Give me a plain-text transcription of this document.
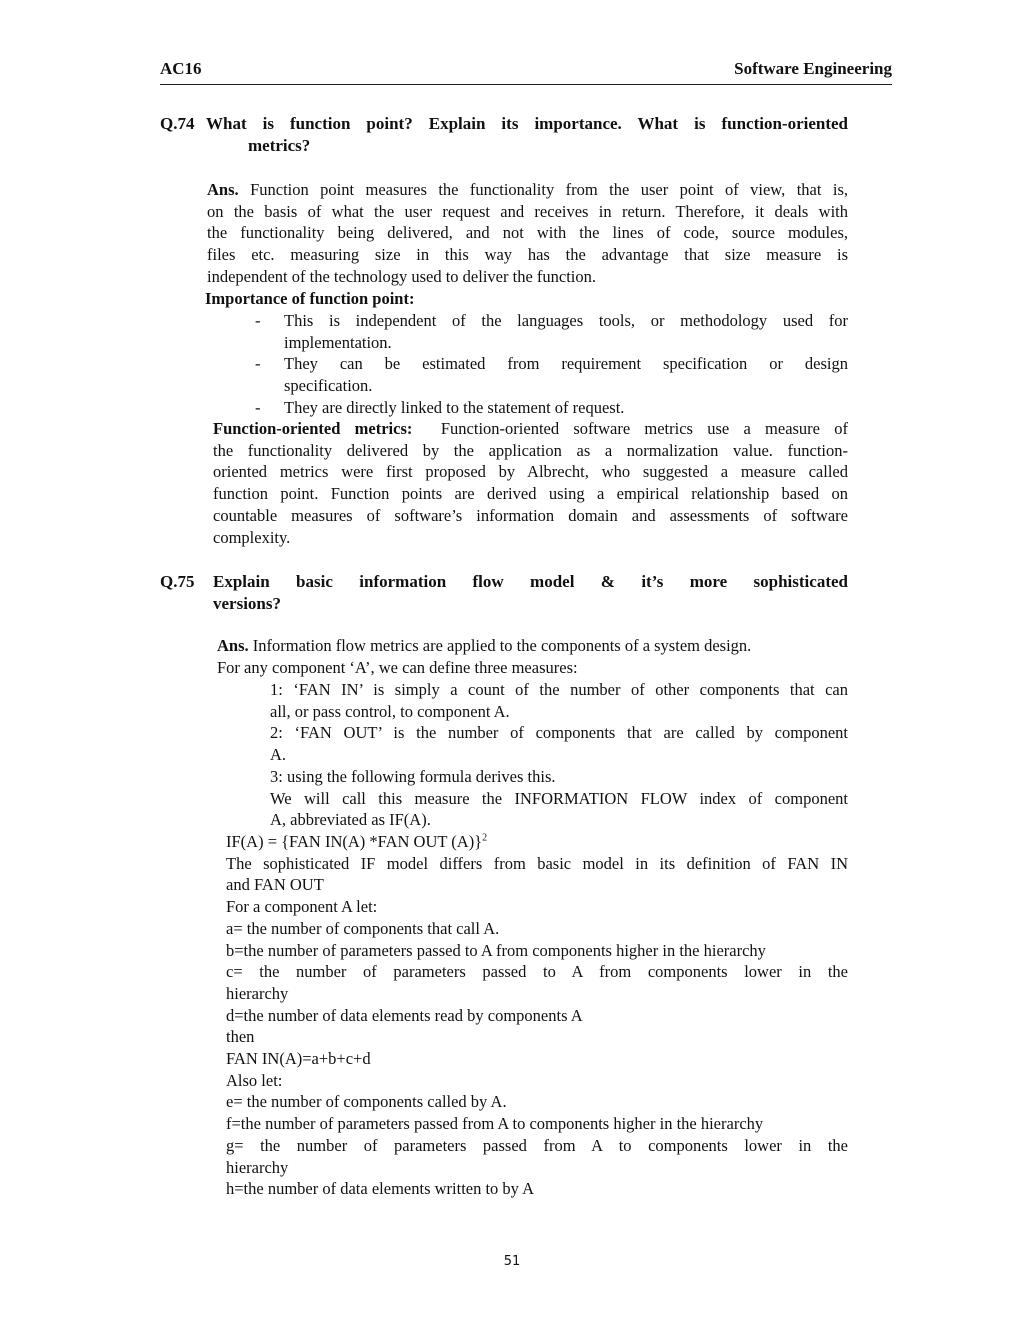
AC16	Software Engineering
Q.74 What is function point? Explain its importance. What is function-oriented
metrics?
Ans. Function point measures the functionality from the user point of view, that is,
on the basis of what the user request and receives in return. Therefore, it deals with
the functionality being delivered, and not with the lines of code, source modules,
files etc. measuring size in this way has the advantage that size measure is
independent of the technology used to deliver the function.
Importance of function point:
- This is independent of the languages tools, or methodology used for
implementation.
- They can be estimated from requirement specification or design
specification.
- They are directly linked to the statement of request.
Function-oriented metrics: Function-oriented software metrics use a measure of
the functionality delivered by the application as a normalization value. function-
oriented metrics were first proposed by Albrecht, who suggested a measure called
function point. Function points are derived using a empirical relationship based on
countable measures of software’s information domain and assessments of software
complexity.
Q.75 Explain basic information flow model & it’s more sophisticated
versions?
Ans. Information flow metrics are applied to the components of a system design.
For any component ‘A’, we can define three measures:
1: ‘FAN IN’ is simply a count of the number of other components that can
all, or pass control, to component A.
2: ‘FAN OUT’ is the number of components that are called by component
A.
3: using the following formula derives this.
We will call this measure the INFORMATION FLOW index of component
A, abbreviated as IF(A).
IF(A) = {FAN IN(A) *FAN OUT (A)}$^2$
The sophisticated IF model differs from basic model in its definition of FAN IN
and FAN OUT
For a component A let:
a= the number of components that call A.
b=the number of parameters passed to A from components higher in the hierarchy
c= the number of parameters passed to A from components lower in the
hierarchy
d=the number of data elements read by components A
then
FAN IN(A)=a+b+c+d
Also let:
e= the number of components called by A.
f=the number of parameters passed from A to components higher in the hierarchy
g= the number of parameters passed from A to components lower in the
hierarchy
h=the number of data elements written to by A
51
